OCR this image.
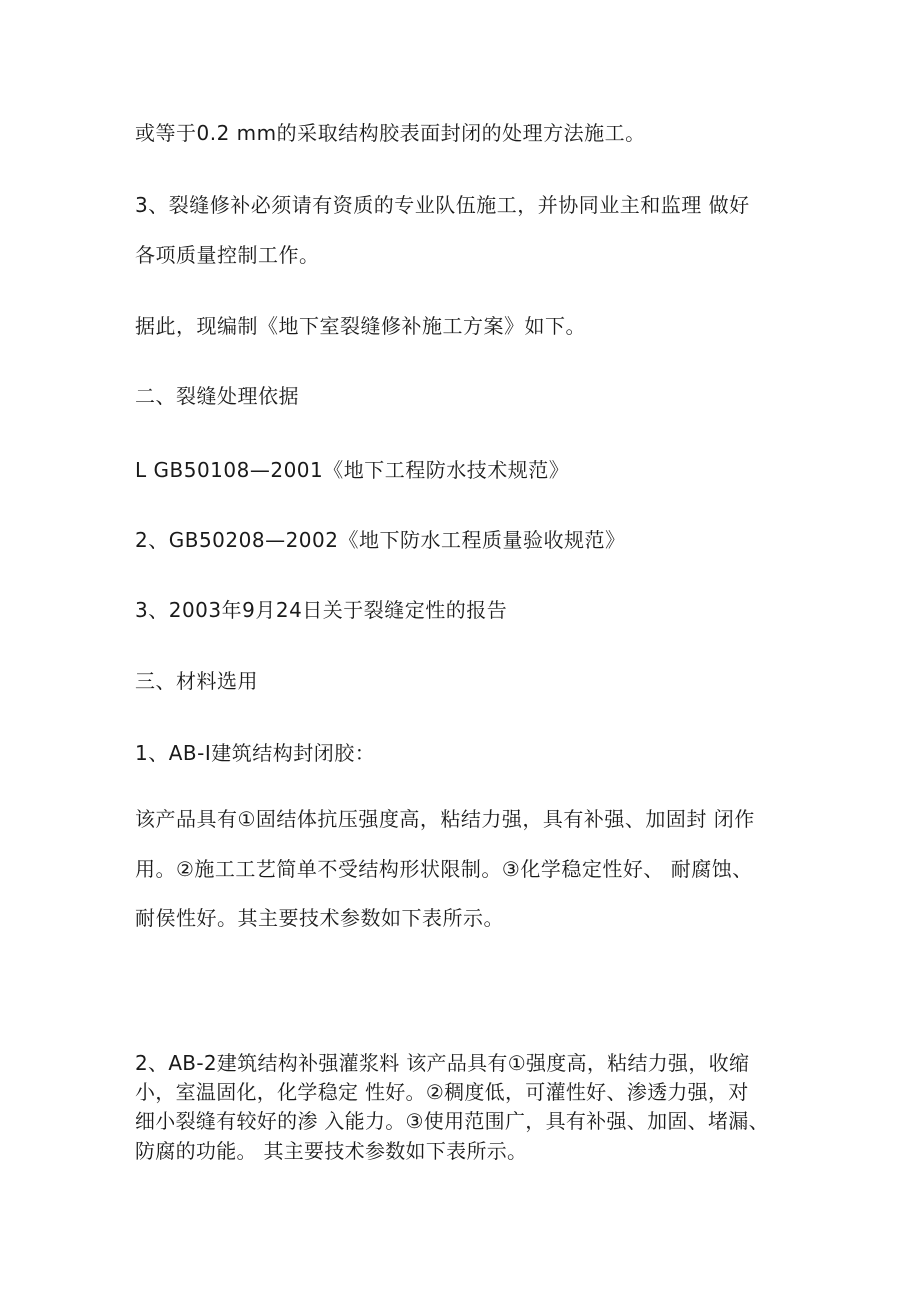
或等于0.2 mm的采取结构胶表面封闭的处理方法施工。
3、裂缝修补必须请有资质的专业队伍施工，并协同业主和监理 做好
各项质量控制工作。
据此，现编制《地下室裂缝修补施工方案》如下。
二、裂缝处理依据
L GB50108—2001《地下工程防水技术规范》
2、GB50208—2002《地下防水工程质量验收规范》
3、2003年9月24日关于裂缝定性的报告
三、材料选用
1、AB-I建筑结构封闭胶：
该产品具有①固结体抗压强度高，粘结力强，具有补强、加固封 闭作
用。②施工工艺简单不受结构形状限制。③化学稳定性好、 耐腐蚀、
耐侯性好。其主要技术参数如下表所示。
2、AB-2建筑结构补强灌浆料 该产品具有①强度高，粘结力强，收缩
小，室温固化，化学稳定 性好。②稠度低，可灌性好、渗透力强，对
细小裂缝有较好的渗 入能力。③使用范围广，具有补强、加固、堵漏、
防腐的功能。 其主要技术参数如下表所示。
